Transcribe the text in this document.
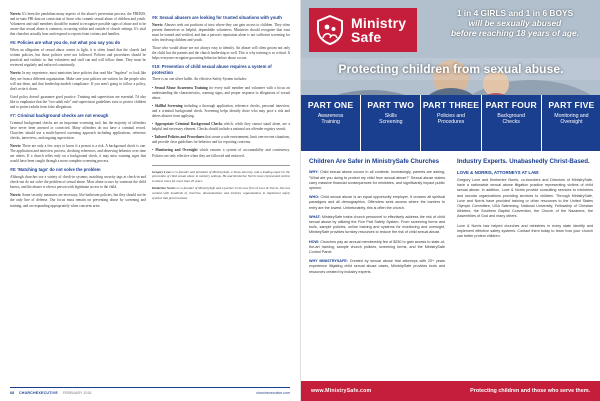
Norris: It's been the pendulum many aspects of the abuse's prevention process, the FBI/BJS, and in-state FBI data on conviction of those who commit sexual abuse of children and youth. Volunteers and staff members should be trained to recognize possible signs of abuse and to be aware that sexual abuse is common, occurring within and outside of church settings. It's vital that churches actually hear and respond to reports from victims and families.

#6: Policies are what you do, not what you say you do

When an allegation of sexual abuse comes to light, it is often found that the church had written policies, but those policies were not followed. Policies and procedures should be practical and realistic so that volunteers and staff can and will follow them. They must be reviewed regularly and enforced consistently.

Norris: In my experience, most ministries have policies that read like "legalese" or look like they are from a different organization. Make sure your policies are written for the people who will use them, and that leadership models compliance. If you aren't going to follow a policy, don't write it down.

Good policy doesn't guarantee good practice. Training and supervision are essential. I'd also like to emphasize that the "two-adult rule" and supervision guidelines exist to protect children and to protect adults from false allegations.

#7: Criminal background checks are not enough

Criminal background checks are an important screening tool, but the majority of offenders have never been arrested or convicted. Many offenders do not have a criminal record. Churches should use a multi-layered screening approach including applications, reference checks, interviews, and ongoing supervision.

Norris: There are only a few ways to know if a person is a risk. A background check is one. The application and interview process, checking references, and observing behavior over time are others. If a church relies only on a background check, it may miss warning signs that would have been caught through a more complete screening process.

#8: 'Matching tags' do not solve the problem

Although churches use a variety of check-in systems, matching security tags at check-in and check-out do not solve the problem of sexual abuse. Most abuse occurs by someone the child knows, and the abuser is often a person with legitimate access to the child.

Norris: Some security measures are necessary, like bathroom policies, but they should not be the only line of defense. Our focus must remain on preventing abuse by screening and training, and on responding appropriately when concerns arise.

#9: Sexual abusers are looking for trusted situations with youth

Norris: Abusers seek out positions of trust where they can gain access to children. They often present themselves as helpful, dependable volunteers. Ministries should recognize that trust must be earned and verified, and that a person's reputation alone is not sufficient screening for roles involving children and youth.

Those who would abuse are not always easy to identify. An abuser will often groom not only the child, but the parents and the church leadership as well. This is why training is so critical. It helps everyone recognize grooming behavior before abuse occurs.

#10: Prevention of child sexual abuse requires a system of protection

There is no one silver bullet. An effective Safety System includes:

• Sexual Abuse Awareness Training for every staff member and volunteer with a focus on understanding the characteristics, warning signs, and proper response to allegations of sexual abuse.
• Skillful Screening including a thorough application, reference checks, personal interview, and a criminal background check. Screening helps identify those who may pose a risk and deters abusers from applying.
• Appropriate Criminal Background Checks which, while they cannot stand alone, are a helpful and necessary element. Checks should include a national sex offender registry search.
• Tailored Policies and Procedures that create a safe environment, limit one-on-one situations, and provide clear guidelines for behavior and for reporting concerns.
• Monitoring and Oversight which ensures a system of accountability and consistency. Policies are only effective when they are followed and enforced.

Gregory Love is co-founder and president of MinistrySafe, a Texas attorney, and a leading expert in the prevention of child sexual abuse in ministry settings. He and Kimberlee Norris have represented victims in abuse cases for more than 20 years.

Kimberlee Norris is co-founder of MinistrySafe and a partner in the law firm of Love & Norris. She has worked with hundreds of churches, denominations and ministry organizations to implement safety systems that prevent abuse.

68 CHURCHEXECUTIVE FEBRUARY 2018	churchexecutive.com
Ministry
Safe
1 in 4 GIRLS and 1 in 6 BOYS
will be sexually abused
before reaching 18 years of age.
Protecting children from sexual abuse.
PART ONE
Awareness
Training
PART TWO
Skills
Screening
PART THREE
Policies and
Procedures
PART FOUR
Background
Checks
PART FIVE
Monitoring and
Oversight
Children Are Safer in MinistrySafe Churches

WHY: Child sexual abuse occurs in all contexts. Increasingly, parents are asking, "What are you doing to protect my child from sexual abuse?" Sexual abuse claims carry massive financial consequences for ministries, and significantly impact public opinion.

WHO: Child sexual abuse is an equal opportunity employer. It crosses all spiritual paradigms and all demographics. Offenders seek access where the barriers to entry are the lowest. Unfortunately, this is often the church.

WHAT: MinistrySafe trains church personnel to effectively address the risk of child sexual abuse by utilizing the Five Part Safety System. From screening forms and tools, sample policies, online training and systems for monitoring and oversight, MinistrySafe provides turnkey resources to reduce the risk of child sexual abuse.

HOW: Churches pay an annual membership fee of $250 to gain access to state-of-the-art training, sample church policies, screening forms, and the MinistrySafe Control Panel.

WHY MINISTRYSAFE: Created by sexual abuse trial attorneys with 20+ years experience litigating child sexual abuse cases, MinistrySafe provides tools and resources created by industry experts.

Industry Experts. Unabashedly Christ-Based.
LOVE & NORRIS, ATTORNEYS AT LAW:

Gregory Love and Kimberlee Norris, co-founders and Directors of MinistrySafe, have a nationwide sexual abuse litigation practice representing victims of child sexual abuse. In addition, Love & Norris provide consulting services to ministries and secular organizations providing services to children. Through MinistrySafe, Love and Norris have provided training or other resources to the United States Olympic Committee, USA Swimming, National University, Fellowship of Christian Athletes, the Southern Baptist Convention, the Church of the Nazarene, the Assemblies of God and many others.

Love & Norris has helped churches and ministries in every state identify and implement effective safety systems. Contact them today to learn how your church can better protect children.

www.MinistrySafe.com	Protecting children and those who serve them.
